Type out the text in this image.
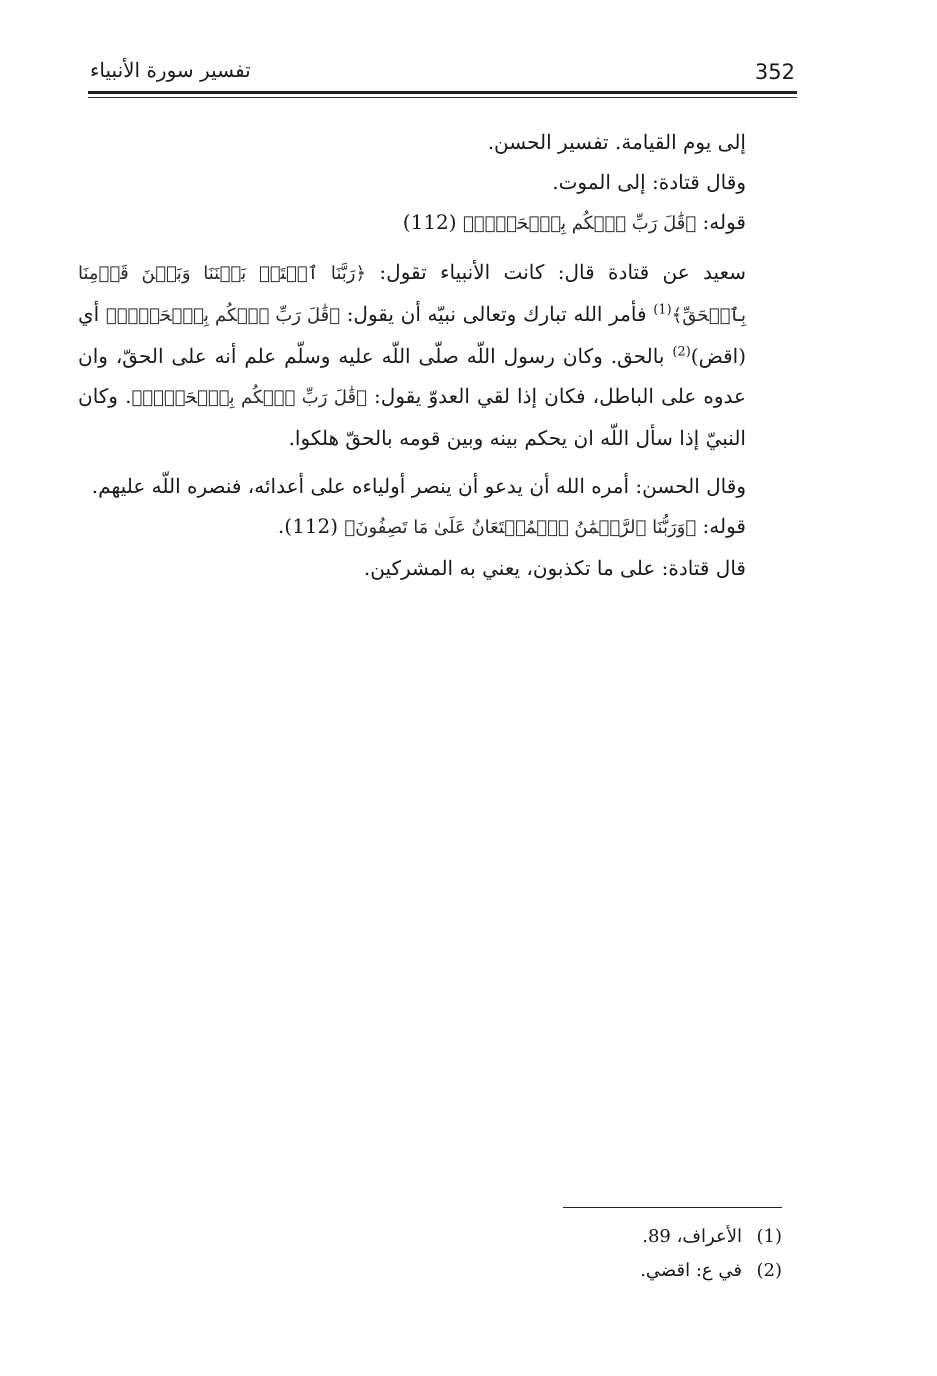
352
تفسير سورة الأنبياء

إلى يوم القيامة. تفسير الحسن.

وقال قتادة: إلى الموت.

قوله: ﴿قَٰلَ رَبِّ ٱحۡكُم بِٱلۡحَقِّۗ﴾ (112)

سعيد عن قتادة قال: كانت الأنبياء تقول: ﴿رَبَّنَا ٱفۡتَحۡ بَيۡنَنَا وَبَيۡنَ قَوۡمِنَا بِٱلۡحَقِّ﴾$^{(1)}$ فأمر الله تبارك وتعالى نبيّه أن يقول: ﴿قَٰلَ رَبِّ ٱحۡكُم بِٱلۡحَقِّۗ﴾ أي (اقض)$^{(2)}$ بالحق. وكان رسول اللّه صلّى اللّه عليه وسلّم علم أنه على الحقّ، وان عدوه على الباطل، فكان إذا لقي العدوّ يقول: ﴿قَٰلَ رَبِّ ٱحۡكُم بِٱلۡحَقِّۗ﴾. وكان النبيّ إذا سأل اللّه ان يحكم بينه وبين قومه بالحقّ هلكوا.

وقال الحسن: أمره الله أن يدعو أن ينصر أولياءه على أعدائه، فنصره اللّه عليهم.

قوله: ﴿وَرَبُّنَا ٱلرَّحۡمَٰنُ ٱلۡمُسۡتَعَانُ عَلَىٰ مَا تَصِفُونَ﴾ (112).

قال قتادة: على ما تكذبون، يعني به المشركين.

(1)
الأعراف، 89.
(2)
في ع: اقضي.
